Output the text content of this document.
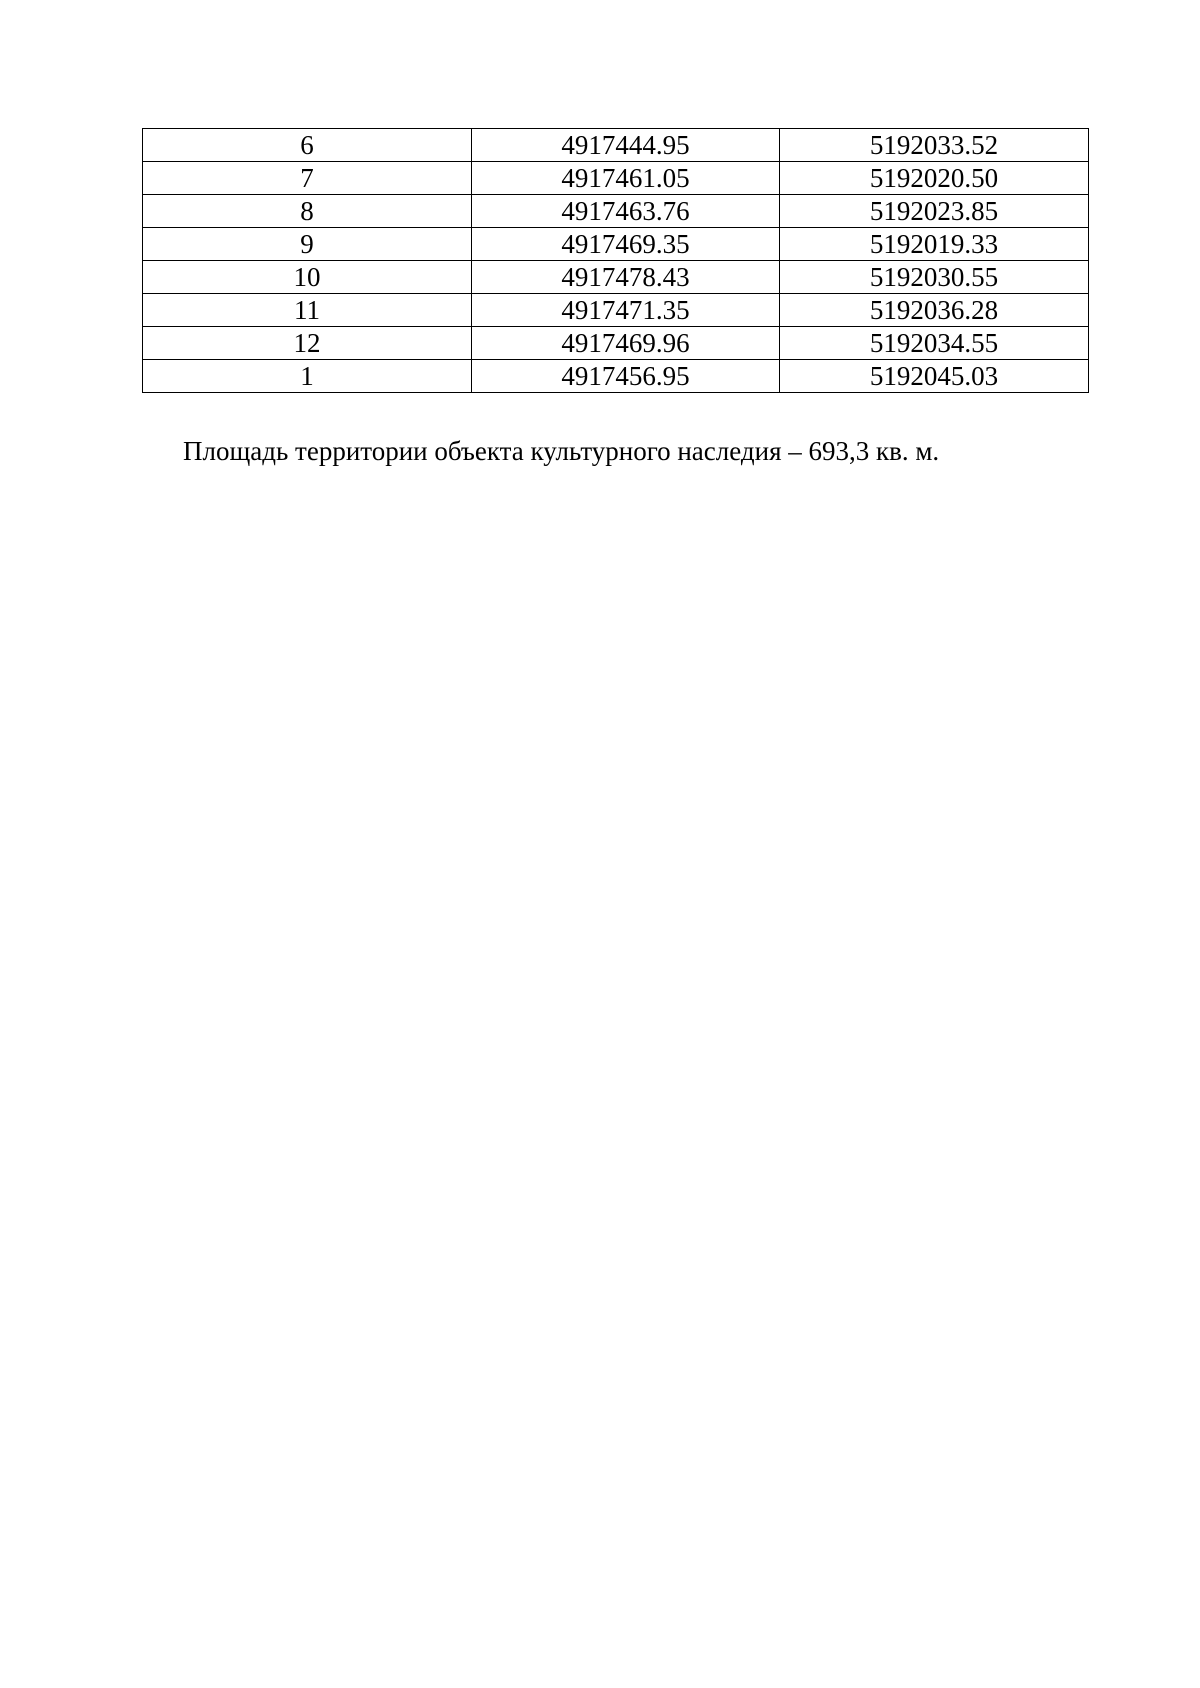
6	4917444.95	5192033.52
7	4917461.05	5192020.50
8	4917463.76	5192023.85
9	4917469.35	5192019.33
10	4917478.43	5192030.55
11	4917471.35	5192036.28
12	4917469.96	5192034.55
1	4917456.95	5192045.03

Площадь территории объекта культурного наследия – 693,3 кв. м.
